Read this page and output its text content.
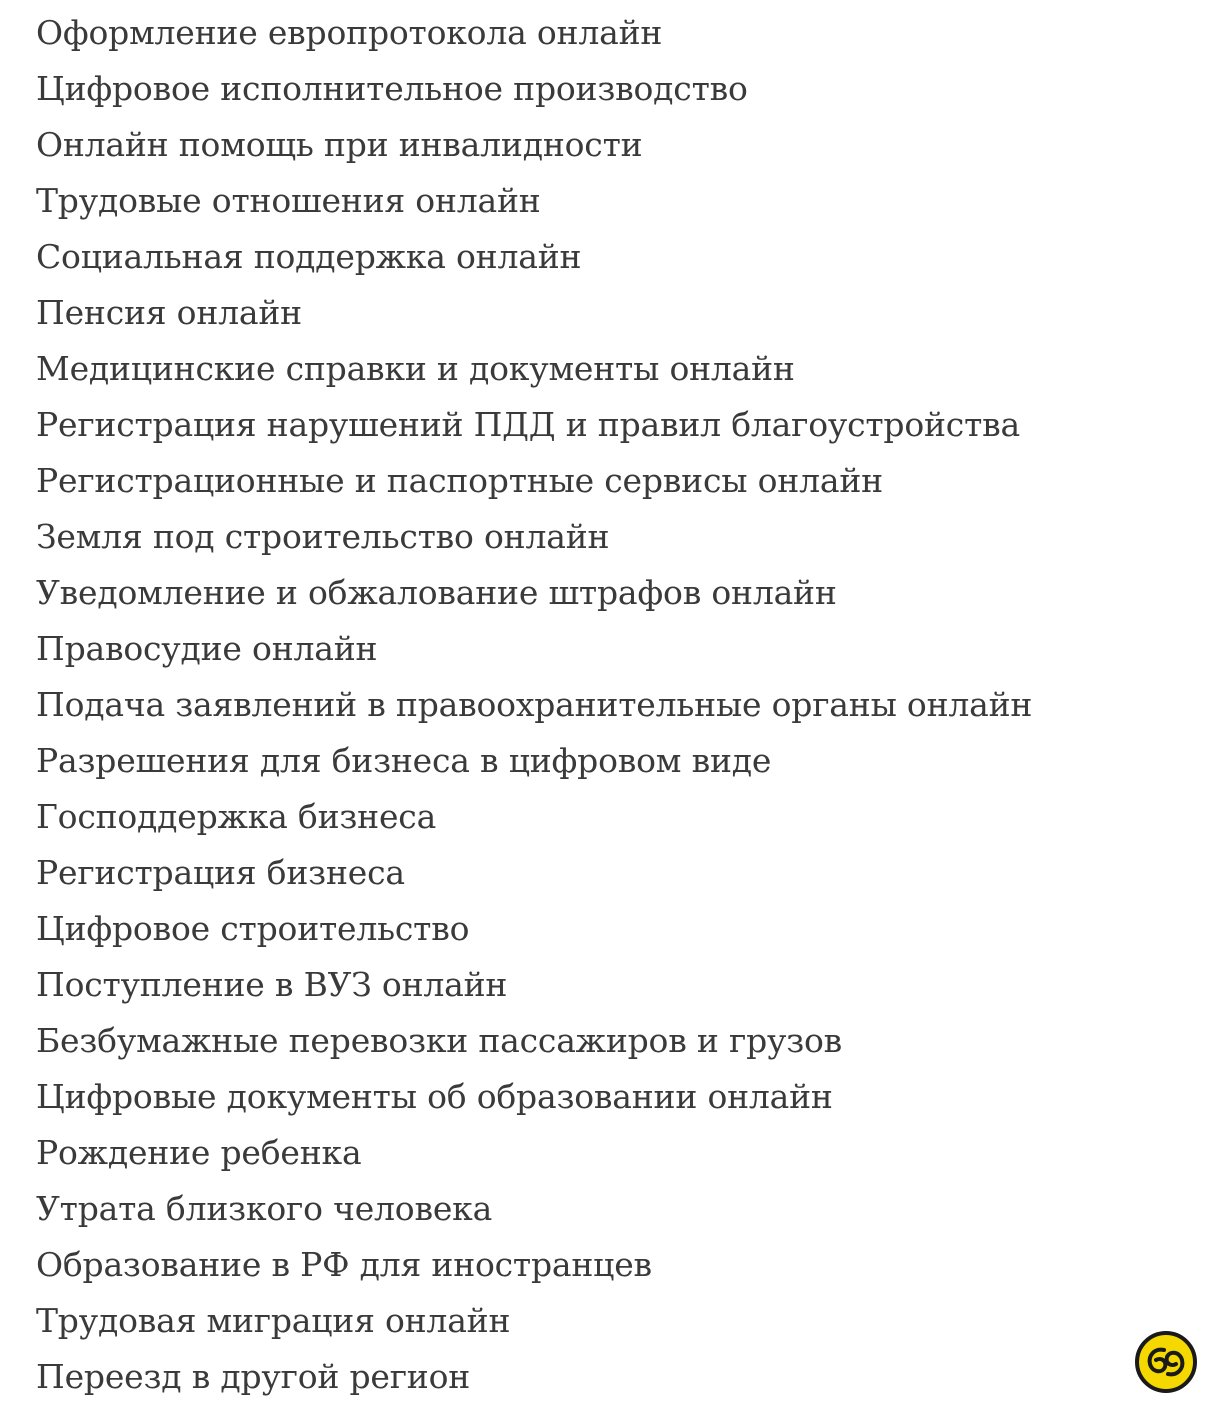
Оформление европротокола онлайн
Цифровое исполнительное производство
Онлайн помощь при инвалидности
Трудовые отношения онлайн
Социальная поддержка онлайн
Пенсия онлайн
Медицинские справки и документы онлайн
Регистрация нарушений ПДД и правил благоустройства
Регистрационные и паспортные сервисы онлайн
Земля под строительство онлайн
Уведомление и обжалование штрафов онлайн
Правосудие онлайн
Подача заявлений в правоохранительные органы онлайн
Разрешения для бизнеса в цифровом виде
Господдержка бизнеса
Регистрация бизнеса
Цифровое строительство
Поступление в ВУЗ онлайн
Безбумажные перевозки пассажиров и грузов
Цифровые документы об образовании онлайн
Рождение ребенка
Утрата близкого человека
Образование в РФ для иностранцев
Трудовая миграция онлайн
Переезд в другой регион
